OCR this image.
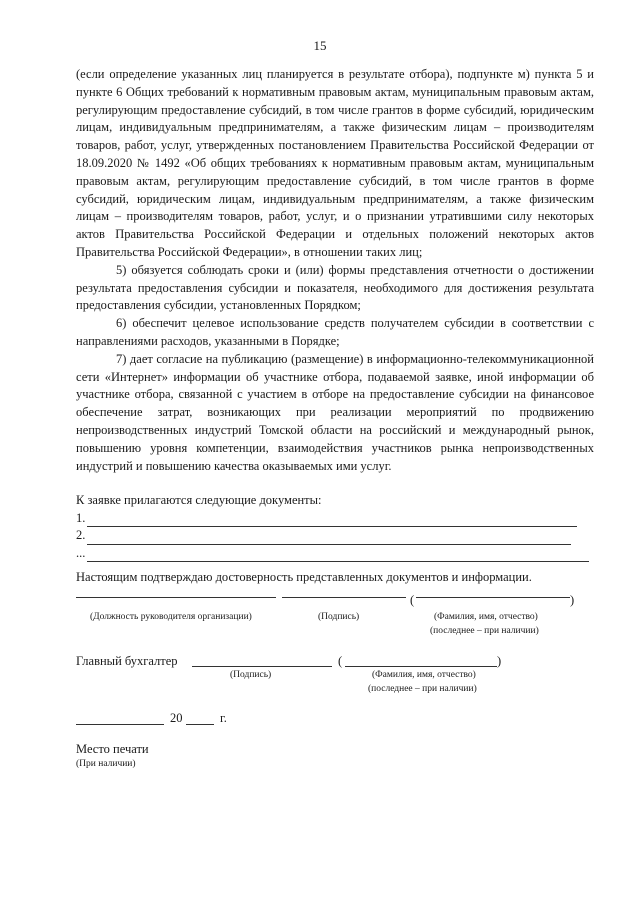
15

(если определение указанных лиц планируется в результате отбора), подпункте м) пункта 5 и пункте 6 Общих требований к нормативным правовым актам, муниципальным правовым актам, регулирующим предоставление субсидий, в том числе грантов в форме субсидий, юридическим лицам, индивидуальным предпринимателям, а также физическим лицам – производителям товаров, работ, услуг, утвержденных постановлением Правительства Российской Федерации от 18.09.2020 № 1492 «Об общих требованиях к нормативным правовым актам, муниципальным правовым актам, регулирующим предоставление субсидий, в том числе грантов в форме субсидий, юридическим лицам, индивидуальным предпринимателям, а также физическим лицам – производителям товаров, работ, услуг, и о признании утратившими силу некоторых актов Правительства Российской Федерации и отдельных положений некоторых актов Правительства Российской Федерации», в отношении таких лиц;

5) обязуется соблюдать сроки и (или) формы представления отчетности о достижении результата предоставления субсидии и показателя, необходимого для достижения результата предоставления субсидии, установленных Порядком;

6) обеспечит целевое использование средств получателем субсидии в соответствии с направлениями расходов, указанными в Порядке;

7) дает согласие на публикацию (размещение) в информационно-телекоммуникационной сети «Интернет» информации об участнике отбора, подаваемой заявке, иной информации об участнике отбора, связанной с участием в отборе на предоставление субсидии на финансовое обеспечение затрат, возникающих при реализации мероприятий по продвижению непроизводственных индустрий Томской области на российский и международный рынок, повышению уровня компетенции, взаимодействия участников рынка непроизводственных индустрий и повышению качества оказываемых ими услуг.

К заявке прилагаются следующие документы:
1.
2.
...
Настоящим подтверждаю достоверность представленных документов и информации.
(	)
(Должность руководителя организации)	(Подпись)	(Фамилия, имя, отчество)
(последнее – при наличии)
Главный бухгалтер	(	)
(Подпись)	(Фамилия, имя, отчество)
(последнее – при наличии)
20	г.
Место печати
(При наличии)
